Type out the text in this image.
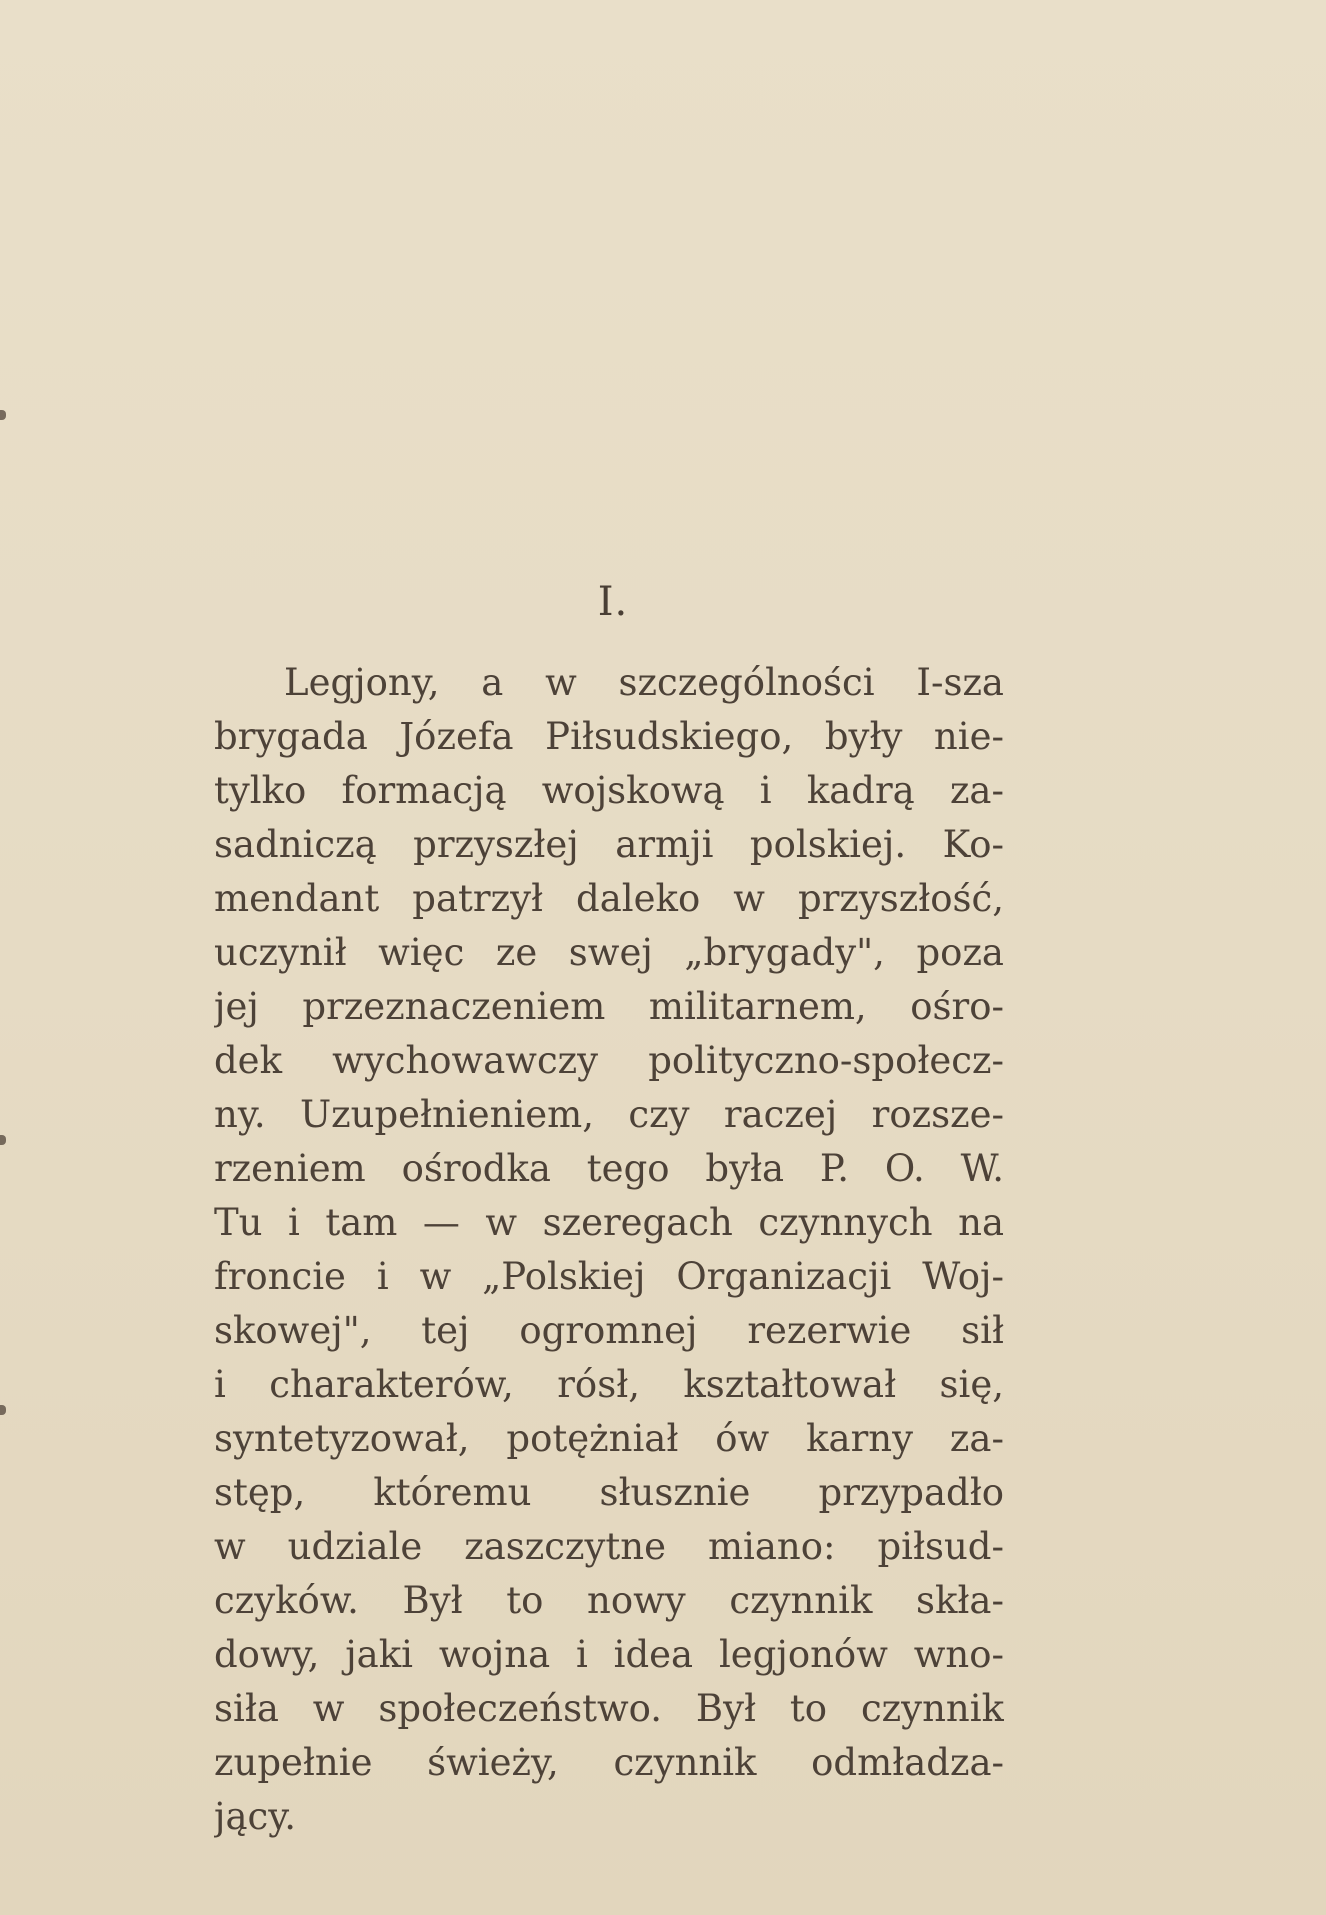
I.
Legjony, a w szczególności I-sza
brygada Józefa Piłsudskiego, były nie-
tylko formacją wojskową i kadrą za-
sadniczą przyszłej armji polskiej. Ko-
mendant patrzył daleko w przyszłość,
uczynił więc ze swej „brygady", poza
jej przeznaczeniem militarnem, ośro-
dek wychowawczy polityczno-społecz-
ny. Uzupełnieniem, czy raczej rozsze-
rzeniem ośrodka tego była P. O. W.
Tu i tam — w szeregach czynnych na
froncie i w „Polskiej Organizacji Woj-
skowej", tej ogromnej rezerwie sił
i charakterów, rósł, kształtował się,
syntetyzował, potężniał ów karny za-
stęp, któremu słusznie przypadło
w udziale zaszczytne miano: piłsud-
czyków. Był to nowy czynnik skła-
dowy, jaki wojna i idea legjonów wno-
siła w społeczeństwo. Był to czynnik
zupełnie świeży, czynnik odmładza-
jący.
